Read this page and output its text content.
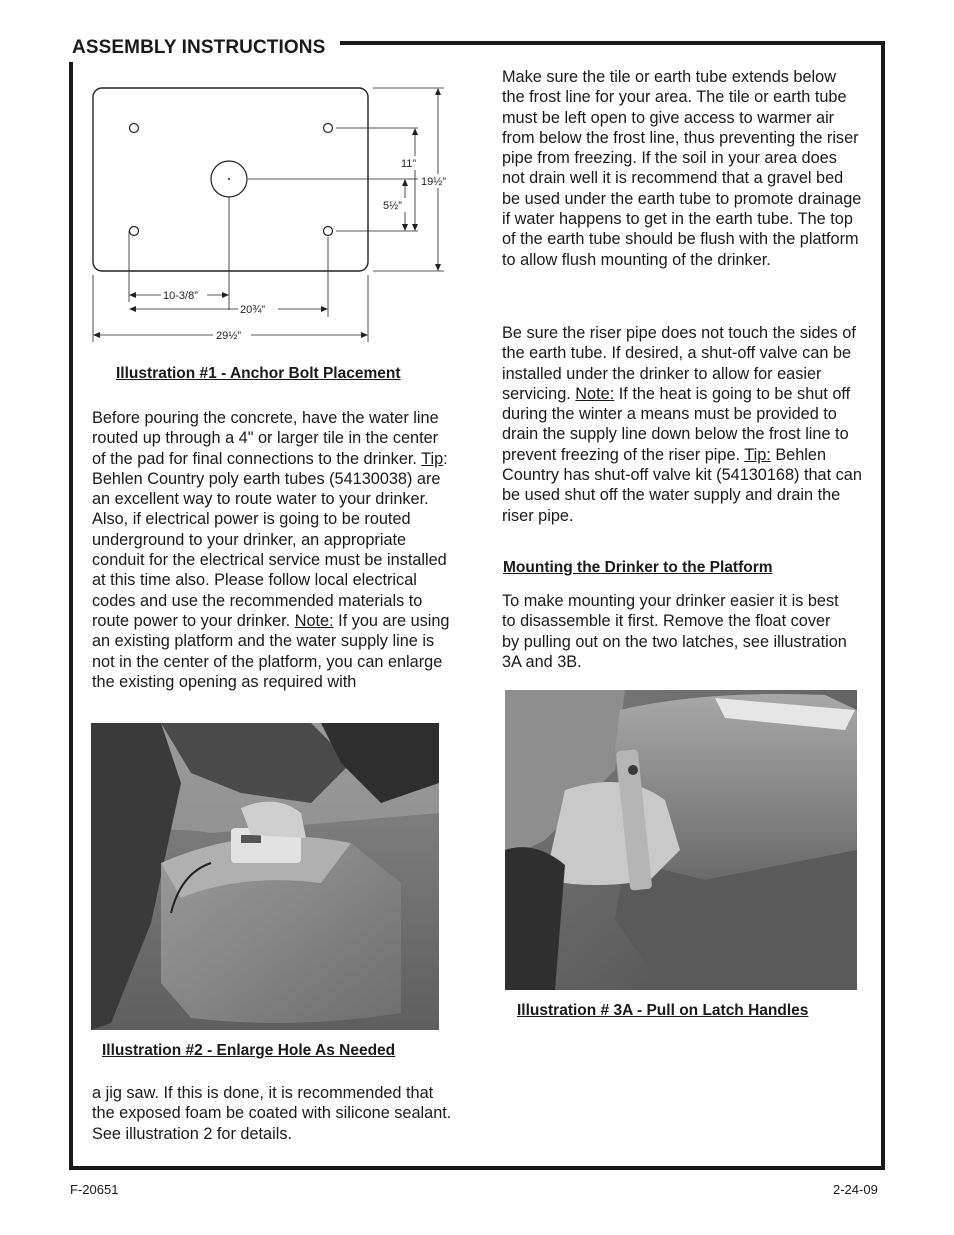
ASSEMBLY INSTRUCTIONS
11”
5½”
19½”
10-3/8”
20¾”
29½”
Illustration #1 - Anchor Bolt Placement

Before pouring the concrete, have the water line routed up through a 4" or larger tile in the center of the pad for final connections to the drinker. Tip: Behlen Country poly earth tubes (54130038) are an excellent way to route water to your drinker. Also, if electrical power is going to be routed underground to your drinker, an appropriate conduit for the electrical service must be installed at this time also. Please follow local electrical codes and use the recommended materials to route power to your drinker. Note: If you are using an existing platform and the water supply line is not in the center of the platform, you can enlarge the existing opening as required with

Illustration #2 - Enlarge Hole As Needed

a jig saw. If this is done, it is recommended that the exposed foam be coated with silicone sealant. See illustration 2 for details.

Make sure the tile or earth tube extends below the frost line for your area. The tile or earth tube must be left open to give access to warmer air from below the frost line, thus preventing the riser pipe from freezing. If the soil in your area does not drain well it is recommend that a gravel bed be used under the earth tube to promote drainage if water happens to get in the earth tube. The top of the earth tube should be flush with the platform to allow flush mounting of the drinker.

Be sure the riser pipe does not touch the sides of the earth tube. If desired, a shut-off valve can be installed under the drinker to allow for easier servicing. Note: If the heat is going to be shut off during the winter a means must be provided to drain the supply line down below the frost line to prevent freezing of the riser pipe. Tip: Behlen Country has shut-off valve kit (54130168) that can be used shut off the water supply and drain the riser pipe.

Mounting the Drinker to the Platform

To make mounting your drinker easier it is best to disassemble it first. Remove the float cover by pulling out on the two latches, see illustration 3A and 3B.

Illustration # 3A - Pull on Latch Handles
F-20651	2-24-09
